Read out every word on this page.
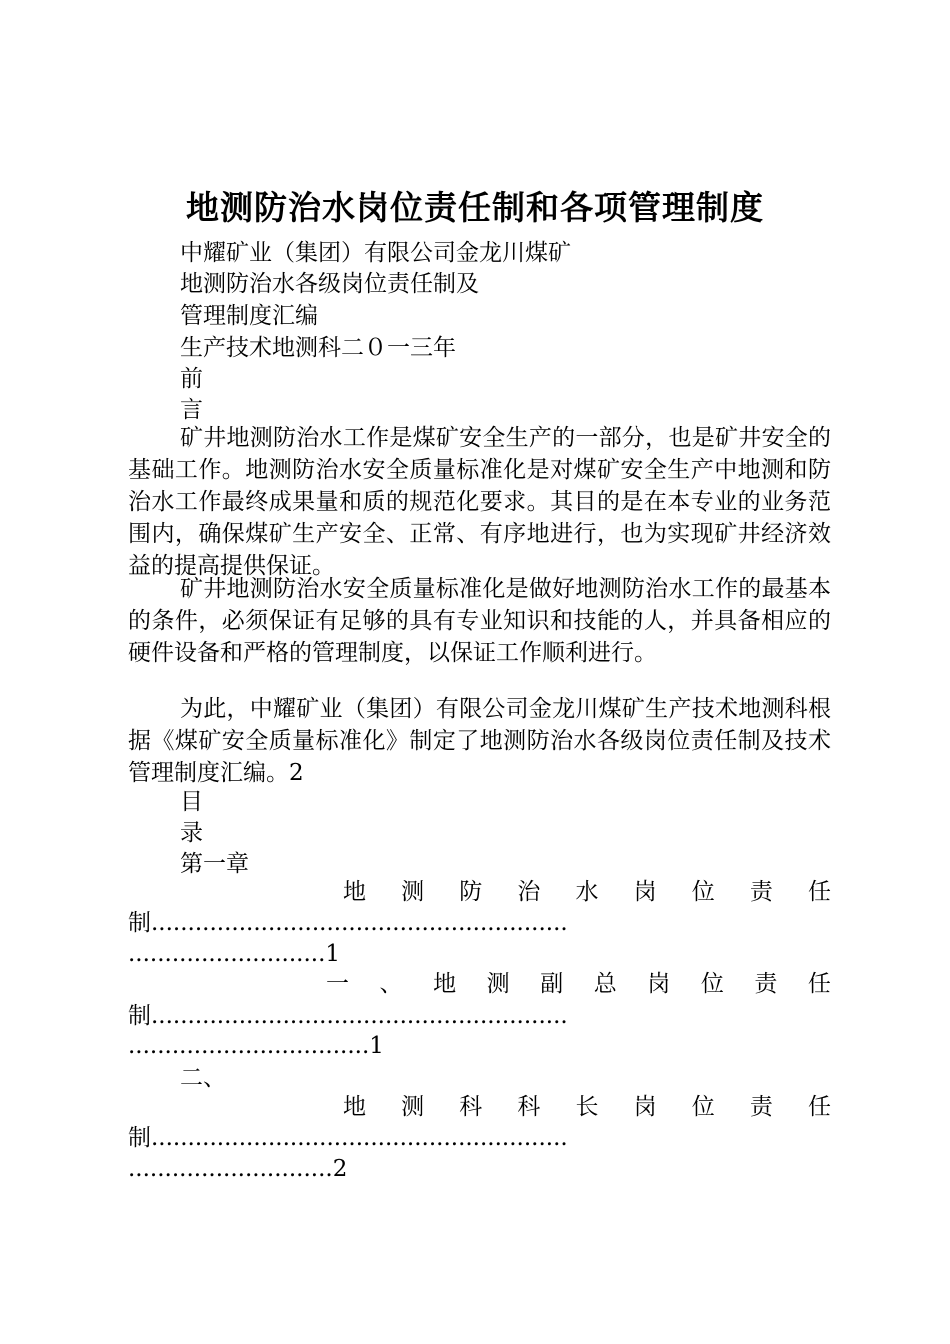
地测防治水岗位责任制和各项管理制度
中耀矿业（集团）有限公司金龙川煤矿
地测防治水各级岗位责任制及
管理制度汇编
生产技术地测科二０一三年
前
言
矿井地测防治水工作是煤矿安全生产的一部分，也是矿井安全的基础工作。地测防治水安全质量标准化是对煤矿安全生产中地测和防治水工作最终成果量和质的规范化要求。其目的是在本专业的业务范围内，确保煤矿生产安全、正常、有序地进行，也为实现矿井经济效益的提高提供保证。
矿井地测防治水安全质量标准化是做好地测防治水工作的最基本的条件，必须保证有足够的具有专业知识和技能的人，并具备相应的硬件设备和严格的管理制度，以保证工作顺利进行。
为此，中耀矿业（集团）有限公司金龙川煤矿生产技术地测科根据《煤矿安全质量标准化》制定了地测防治水各级岗位责任制及技术管理制度汇编。2
目
录
第一章
地 测 防 治 水 岗 位 责 任
制.........................................................
...........................1
一 、 地 测 副 总 岗 位 责 任
制.........................................................
.................................1
二、
地 测 科 科 长 岗 位 责 任
制.........................................................
............................2
